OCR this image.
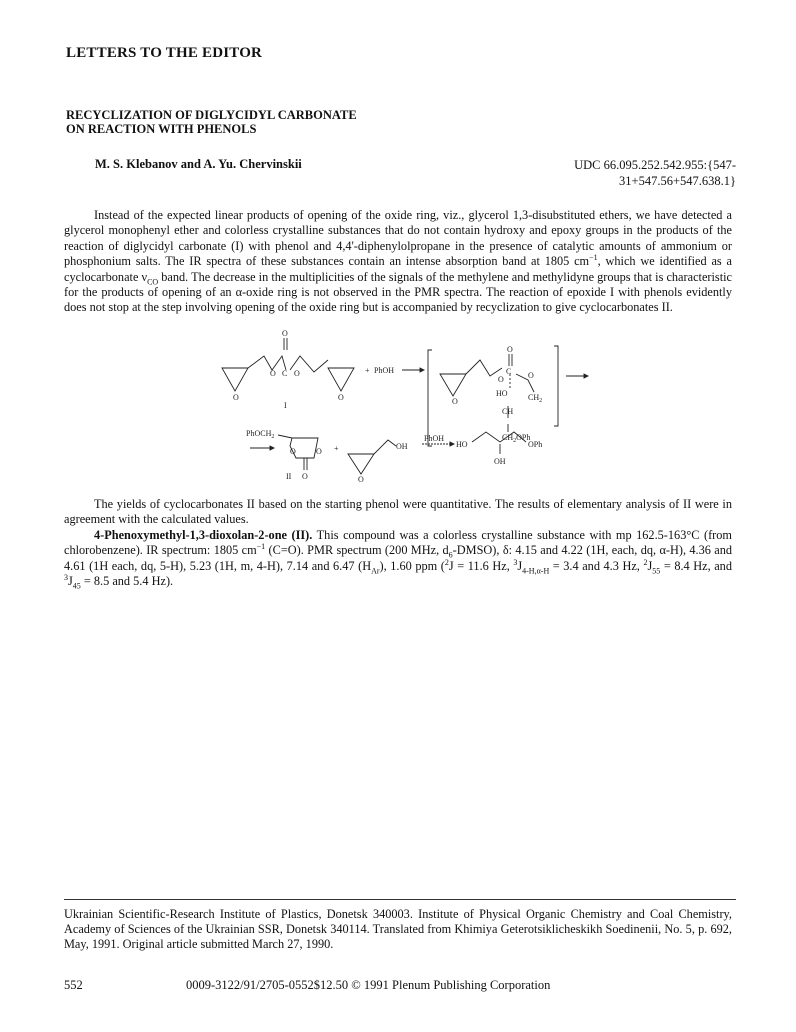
LETTERS TO THE EDITOR
RECYCLIZATION OF DIGLYCIDYL CARBONATE
ON REACTION WITH PHENOLS
M. S. Klebanov and A. Yu. Chervinskii	UDC 66.095.252.542.955:{547-
31+547.56+547.638.1}

Instead of the expected linear products of opening of the oxide ring, viz., glycerol 1,3-disubstituted ethers, we have detected a glycerol monophenyl ether and colorless crystalline substances that do not contain hydroxy and epoxy groups in the products of the reaction of diglycidyl carbonate (I) with phenol and 4,4'-diphenylolpropane in the presence of catalytic amounts of ammonium or phosphonium salts. The IR spectra of these substances contain an intense absorption band at 1805 $cm^{-1}$, which we identified as a cyclocarbonate $\nu_{CO}$ band. The decrease in the multiplicities of the signals of the methylene and methylidyne groups that is characteristic for the products of opening of an α-oxide ring is not observed in the PMR spectra. The reaction of epoxide I with phenols evidently does not stop at the step involving opening of the oxide ring but is accompanied by recyclization to give cyclocarbonates II.

O
O C O
O	O
I
+ PhOH
O
C
O	O
O
HO	$CH_2$
CH
$CH_2OPh$
PhOCH$_2$
O	O
O
II
+
O
OH
PhOH
HO	OPh
OH

The yields of cyclocarbonates II based on the starting phenol were quantitative. The results of elementary analysis of II were in agreement with the calculated values.

4-Phenoxymethyl-1,3-dioxolan-2-one (II). This compound was a colorless crystalline substance with mp 162.5-163°C (from chlorobenzene). IR spectrum: 1805 $cm^{-1}$ (C=O). PMR spectrum (200 MHz, $d_6-DMSO$), δ: 4.15 and 4.22 (1H, each, dq, α-H), 4.36 and 4.61 (1H each, dq, 5-H), 5.23 (1H, m, 4-H), 7.14 and 6.47 $(H_{Ar})$, 1.60 ppm ($^2$J = 11.6 Hz, $^3J_{4-H,\alpha-H} = 3.4$ and 4.3 Hz, $^2J_{55} = 8.4$ Hz, and $^3J_{45} = 8.5$ and 5.4 Hz).

Ukrainian Scientific-Research Institute of Plastics, Donetsk 340003. Institute of Physical Organic Chemistry and Coal Chemistry, Academy of Sciences of the Ukrainian SSR, Donetsk 340114. Translated from Khimiya Geterotsiklicheskikh Soedinenii, No. 5, p. 692, May, 1991. Original article submitted March 27, 1990.
552	0009-3122/91/2705-0552$12.50 © 1991 Plenum Publishing Corporation
